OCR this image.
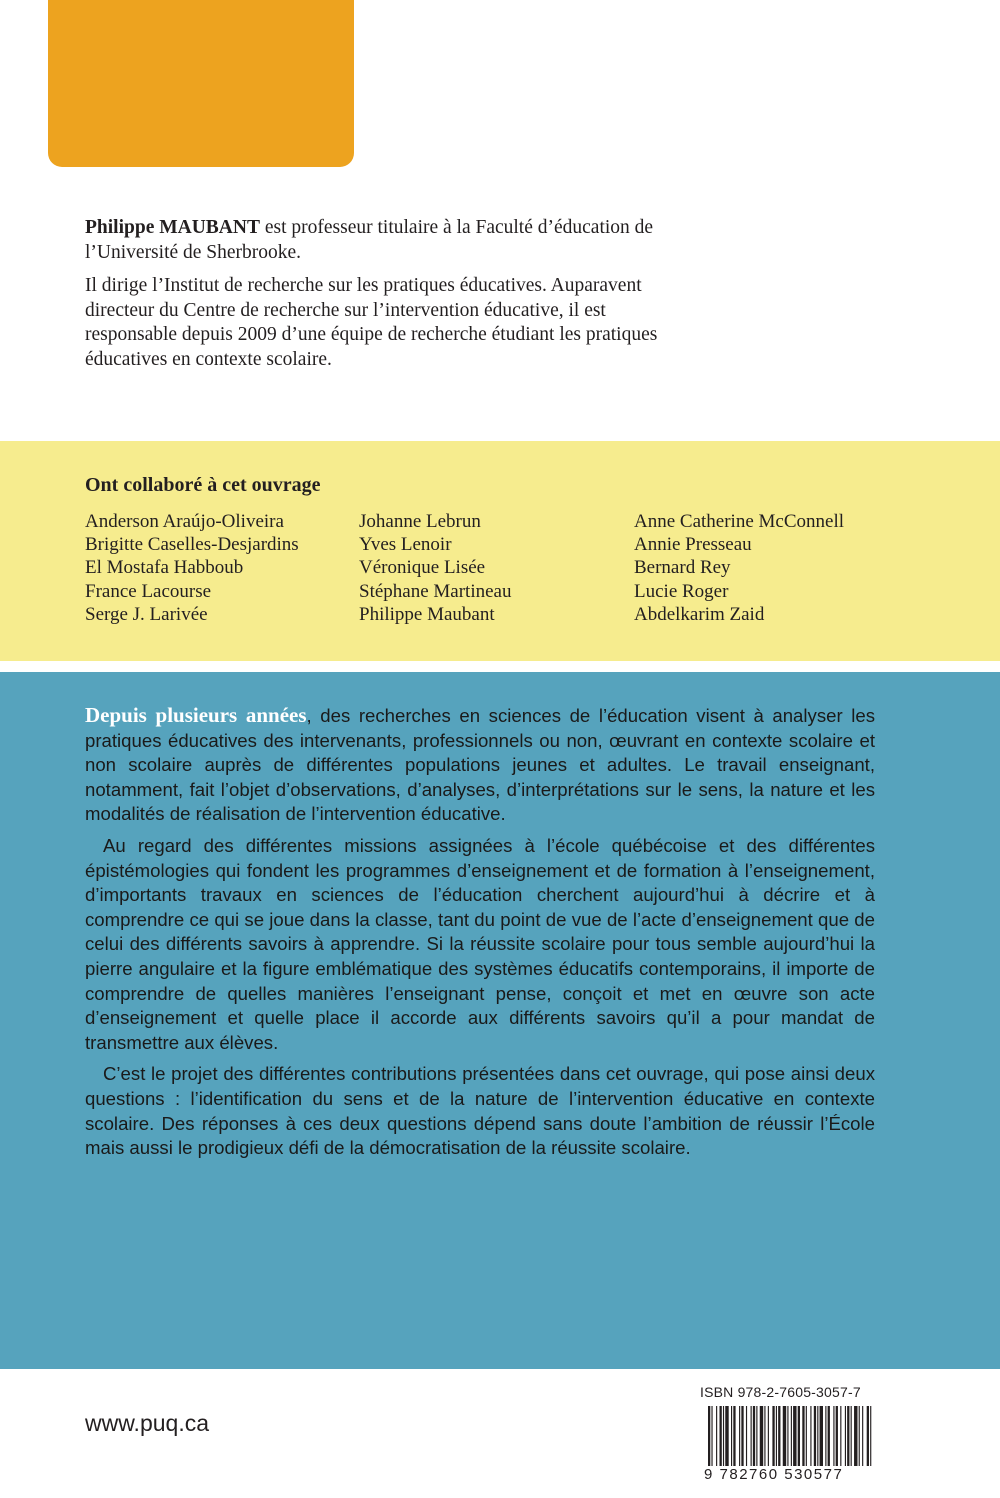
Philippe MAUBANT est professeur titulaire à la Faculté d’éducation de l’Université de Sherbrooke.

Il dirige l’Institut de recherche sur les pratiques éducatives. Auparavent directeur du Centre de recherche sur l’intervention éducative, il est responsable depuis 2009 d’une équipe de recherche étudiant les pratiques éducatives en contexte scolaire.

Ont collaboré à cet ouvrage
Anderson Araújo-Oliveira
Brigitte Caselles-Desjardins
El Mostafa Habboub
France Lacourse
Serge J. Larivée
Johanne Lebrun
Yves Lenoir
Véronique Lisée
Stéphane Martineau
Philippe Maubant
Anne Catherine McConnell
Annie Presseau
Bernard Rey
Lucie Roger
Abdelkarim Zaid

Depuis plusieurs années, des recherches en sciences de l’éducation visent à analyser les pratiques éducatives des intervenants, professionnels ou non, œuvrant en contexte scolaire et non scolaire auprès de différentes populations jeunes et adultes. Le travail enseignant, notamment, fait l’objet d’observations, d’analyses, d’interprétations sur le sens, la nature et les modalités de réalisation de l’intervention éducative.

Au regard des différentes missions assignées à l’école québécoise et des différentes épistémologies qui fondent les programmes d’enseignement et de formation à l’enseignement, d’importants travaux en sciences de l’éducation cherchent aujourd’hui à décrire et à comprendre ce qui se joue dans la classe, tant du point de vue de l’acte d’enseignement que de celui des différents savoirs à apprendre. Si la réussite scolaire pour tous semble aujourd’hui la pierre angulaire et la figure emblématique des systèmes éducatifs contemporains, il importe de comprendre de quelles manières l’enseignant pense, conçoit et met en œuvre son acte d’enseignement et quelle place il accorde aux différents savoirs qu’il a pour mandat de transmettre aux élèves.

C’est le projet des différentes contributions présentées dans cet ouvrage, qui pose ainsi deux questions : l’identification du sens et de la nature de l’intervention éducative en contexte scolaire. Des réponses à ces deux questions dépend sans doute l’ambition de réussir l’École mais aussi le prodigieux défi de la démocratisation de la réussite scolaire.

www.puq.ca
ISBN 978-2-7605-3057-7
9 782760 530577
